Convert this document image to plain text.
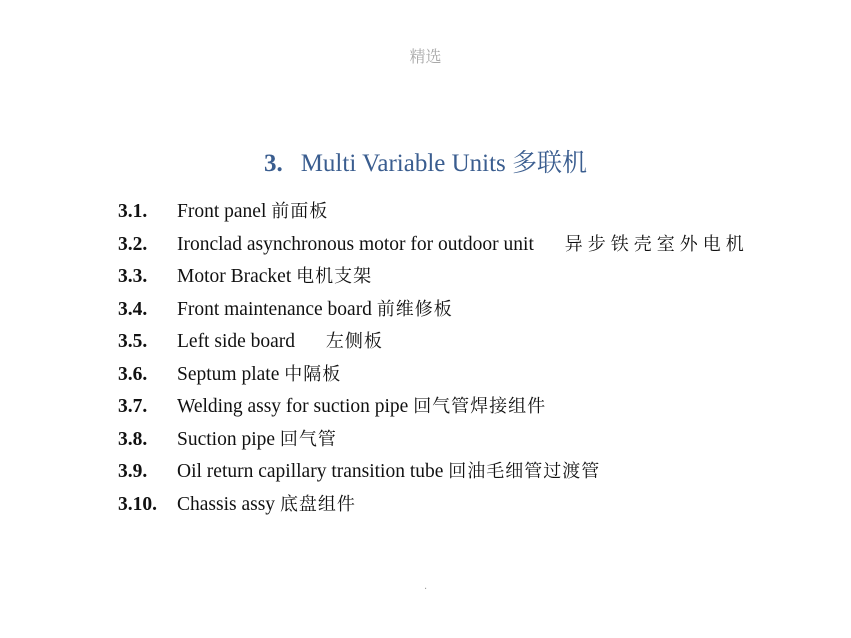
精选
3. Multi Variable Units 多联机
3.1.	Front panel 前面板
3.2.	Ironclad asynchronous motor for outdoor unit 异步铁壳室外电机
3.3.	Motor Bracket 电机支架
3.4.	Front maintenance board 前维修板
3.5.	Left side board 左侧板
3.6.	Septum plate 中隔板
3.7.	Welding assy for suction pipe 回气管焊接组件
3.8.	Suction pipe 回气管
3.9.	Oil return capillary transition tube 回油毛细管过渡管
3.10.	Chassis assy 底盘组件
.
